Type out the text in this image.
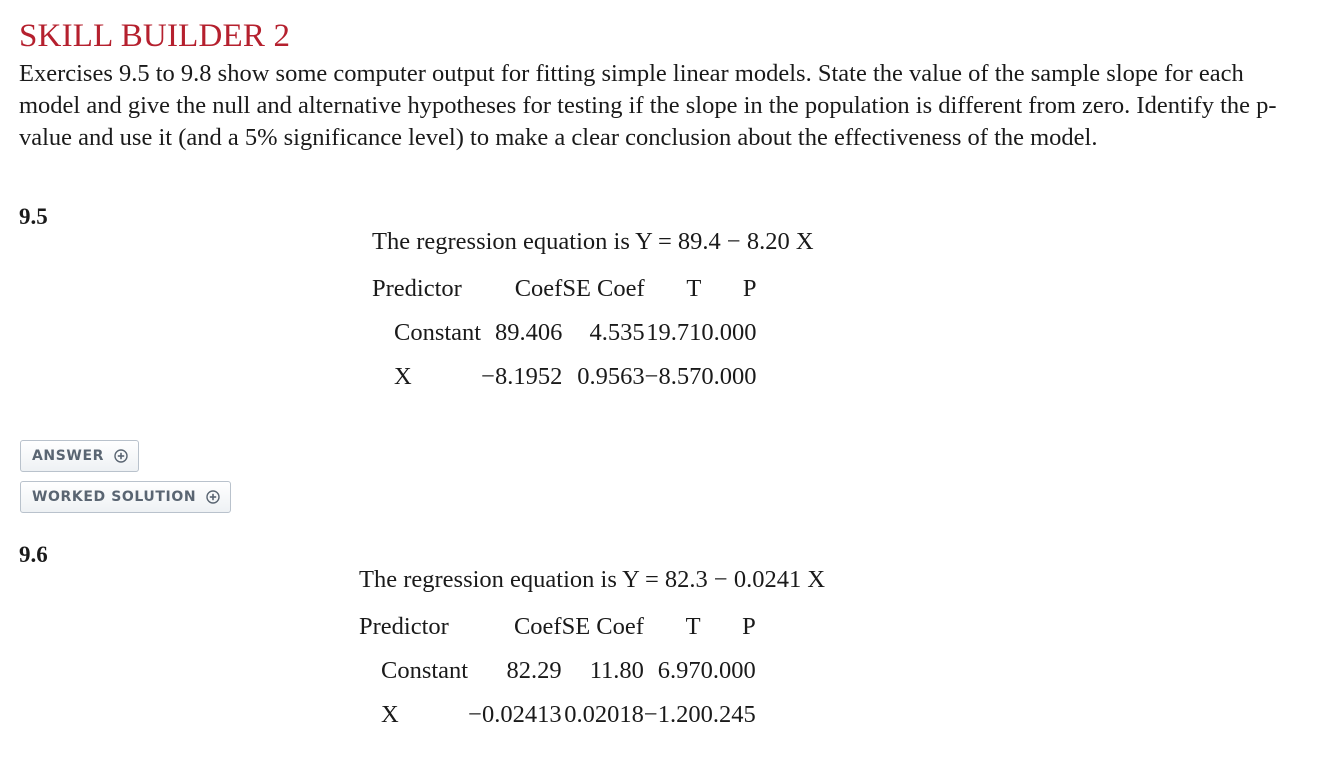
SKILL BUILDER 2

Exercises 9.5 to 9.8 show some computer output for fitting simple linear models. State the value of the sample slope for each model and give the null and alternative hypotheses for testing if the slope in the population is different from zero. Identify the p-value and use it (and a 5% significance level) to make a clear conclusion about the effectiveness of the model.

9.5
The regression equation is Y = 89.4 − 8.20 X
Predictor	Coef	SE Coef	T	P
Constant	89.406	4.535	19.71	0.000
X	−8.1952	0.9563	−8.57	0.000
ANSWER
WORKED SOLUTION
9.6
The regression equation is Y = 82.3 − 0.0241 X
Predictor	Coef	SE Coef	T	P
Constant	82.29	11.80	6.97	0.000
X	−0.02413	0.02018	−1.20	0.245
